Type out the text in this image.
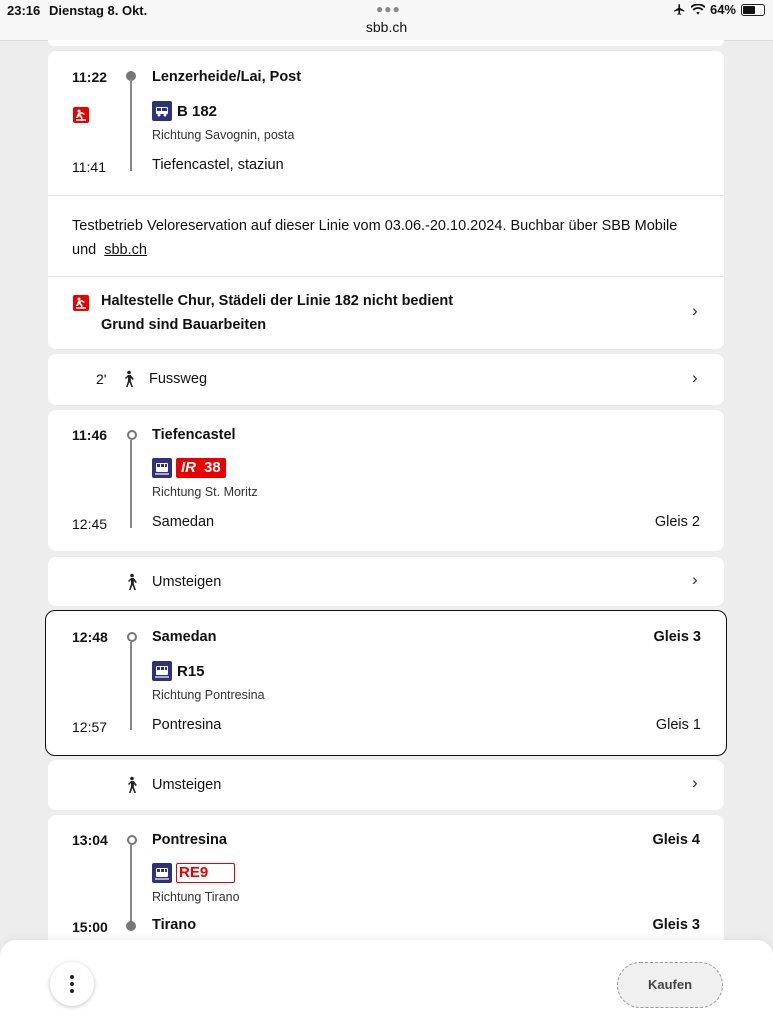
23:16 Dienstag 8. Okt.	●●●
sbb.ch
64%
11:22	Lenzerheide/Lai, Post
B 182
Richtung Savognin, posta
11:41	Tiefencastel, staziun
Testbetrieb Veloreservation auf dieser Linie vom 03.06.-20.10.2024. Buchbar über SBB Mobile und sbb.ch
Haltestelle Chur, Städeli der Linie 182 nicht bedient
Grund sind Bauarbeiten
›
2'	Fussweg	›
11:46	Tiefencastel
IR 38
Richtung St. Moritz
12:45	Samedan	Gleis 2
Umsteigen	›
12:48	Samedan	Gleis 3
R15
Richtung Pontresina
12:57	Pontresina	Gleis 1
Umsteigen	›
13:04	Pontresina	Gleis 4
RE9
Richtung Tirano
15:00	Tirano	Gleis 3
Kaufen
